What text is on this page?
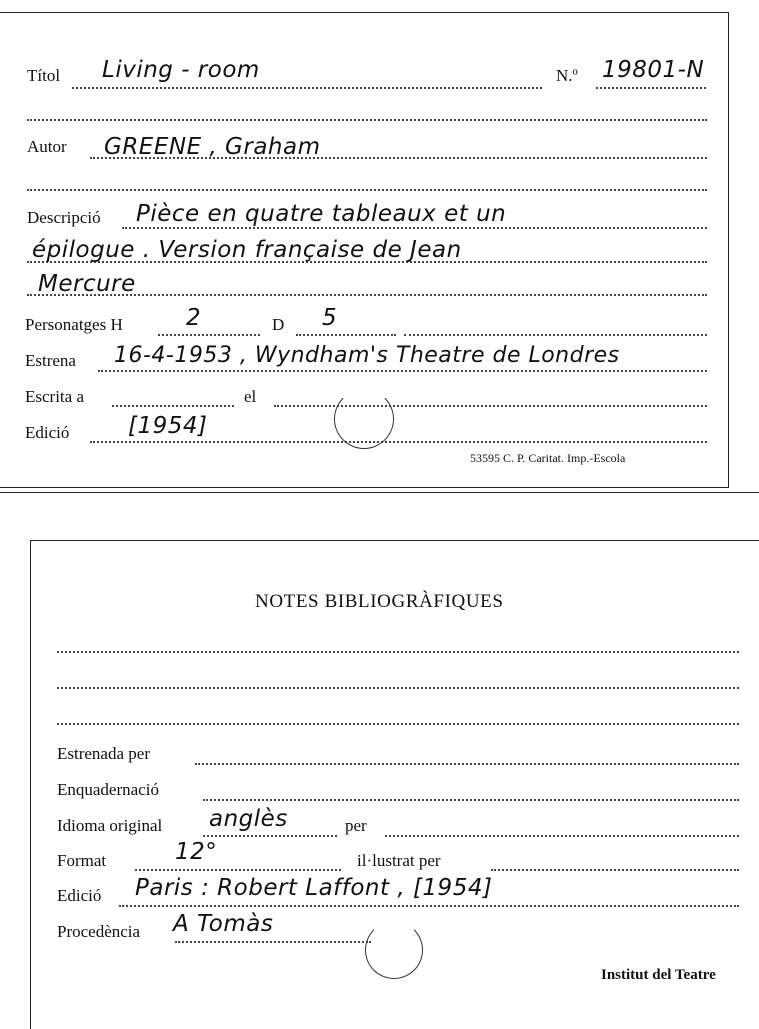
Títol Living - room	N.º 19801-N
Autor GREENE , Graham
Descripció Pièce en quatre tableaux et un
épilogue . Version française de Jean
Mercure
Personatges H	2	D 5
Estrena 16-4-1953 , Wyndham's Theatre de Londres
Escrita a	el
Edició	[1954]
53595 C. P. Caritat. Imp.-Escola
NOTES BIBLIOGRÀFIQUES
Estrenada per
Enquadernació
Idioma original anglès	per
Format	12°	il·lustrat per
Edició Paris : Robert Laffont , [1954]
Procedència A Tomàs
Institut del Teatre
